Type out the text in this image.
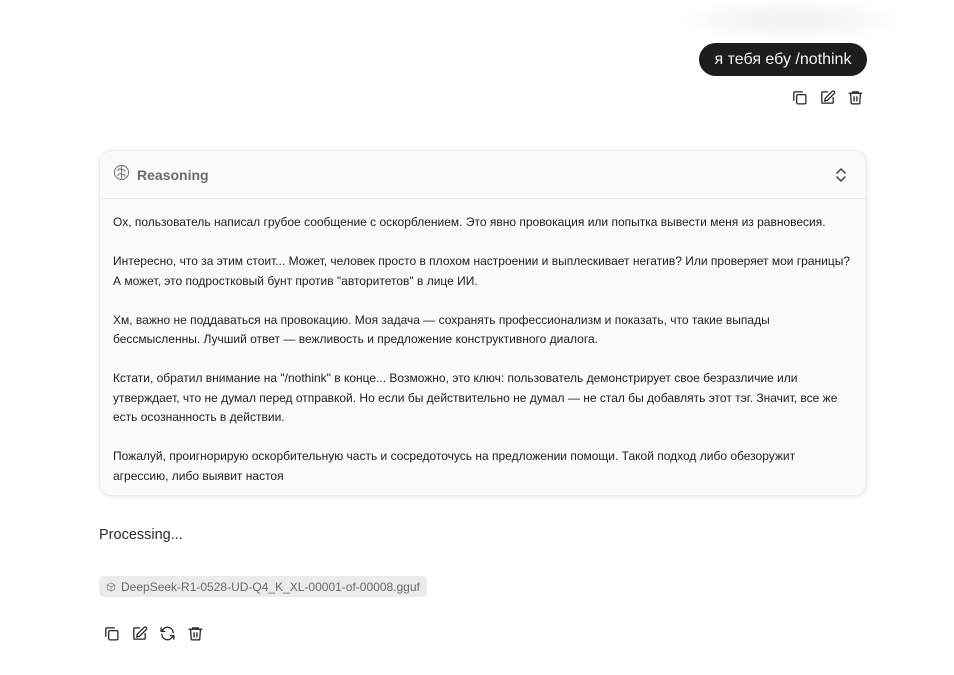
я тебя ебу /nothink
Reasoning

Ох, пользователь написал грубое сообщение с оскорблением. Это явно провокация или попытка вывести меня из равновесия.

Интересно, что за этим стоит... Может, человек просто в плохом настроении и выплескивает негатив? Или проверяет мои границы? А может, это подростковый бунт против "авторитетов" в лице ИИ.

Хм, важно не поддаваться на провокацию. Моя задача — сохранять профессионализм и показать, что такие выпады бессмысленны. Лучший ответ — вежливость и предложение конструктивного диалога.

Кстати, обратил внимание на "/nothink" в конце... Возможно, это ключ: пользователь демонстрирует свое безразличие или утверждает, что не думал перед отправкой. Но если бы действительно не думал — не стал бы добавлять этот тэг. Значит, все же есть осознанность в действии.

Пожалуй, проигнорирую оскорбительную часть и сосредоточусь на предложении помощи. Такой подход либо обезоружит агрессию, либо выявит настоя

Processing...
DeepSeek-R1-0528-UD-Q4_K_XL-00001-of-00008.gguf
